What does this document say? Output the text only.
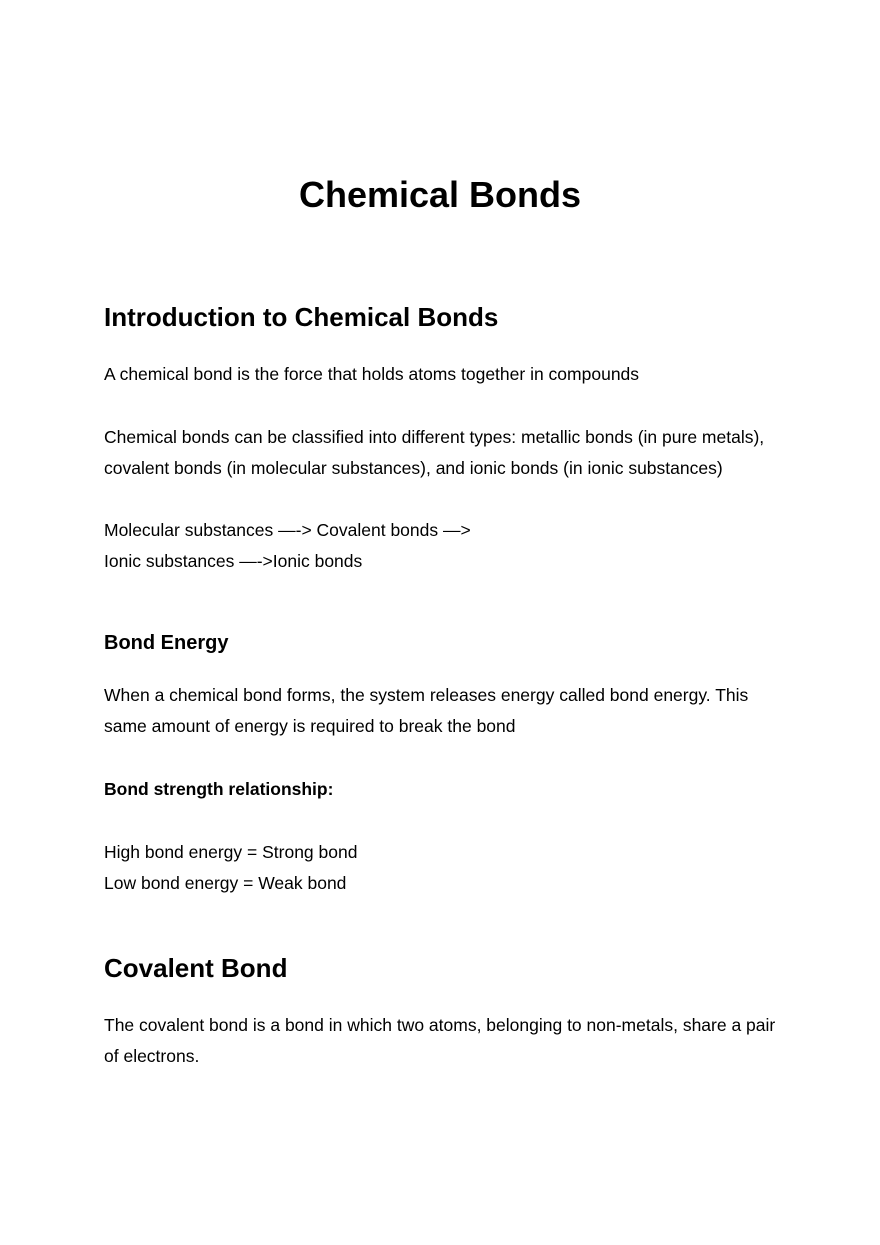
Chemical Bonds
Introduction to Chemical Bonds

A chemical bond is the force that holds atoms together in compounds

Chemical bonds can be classified into different types: metallic bonds (in pure metals),
covalent bonds (in molecular substances), and ionic bonds (in ionic substances)

Molecular substances —-> Covalent bonds —>
Ionic substances —->Ionic bonds

Bond Energy

When a chemical bond forms, the system releases energy called bond energy. This
same amount of energy is required to break the bond

Bond strength relationship:

High bond energy = Strong bond
Low bond energy = Weak bond

Covalent Bond

The covalent bond is a bond in which two atoms, belonging to non-metals, share a pair
of electrons.
